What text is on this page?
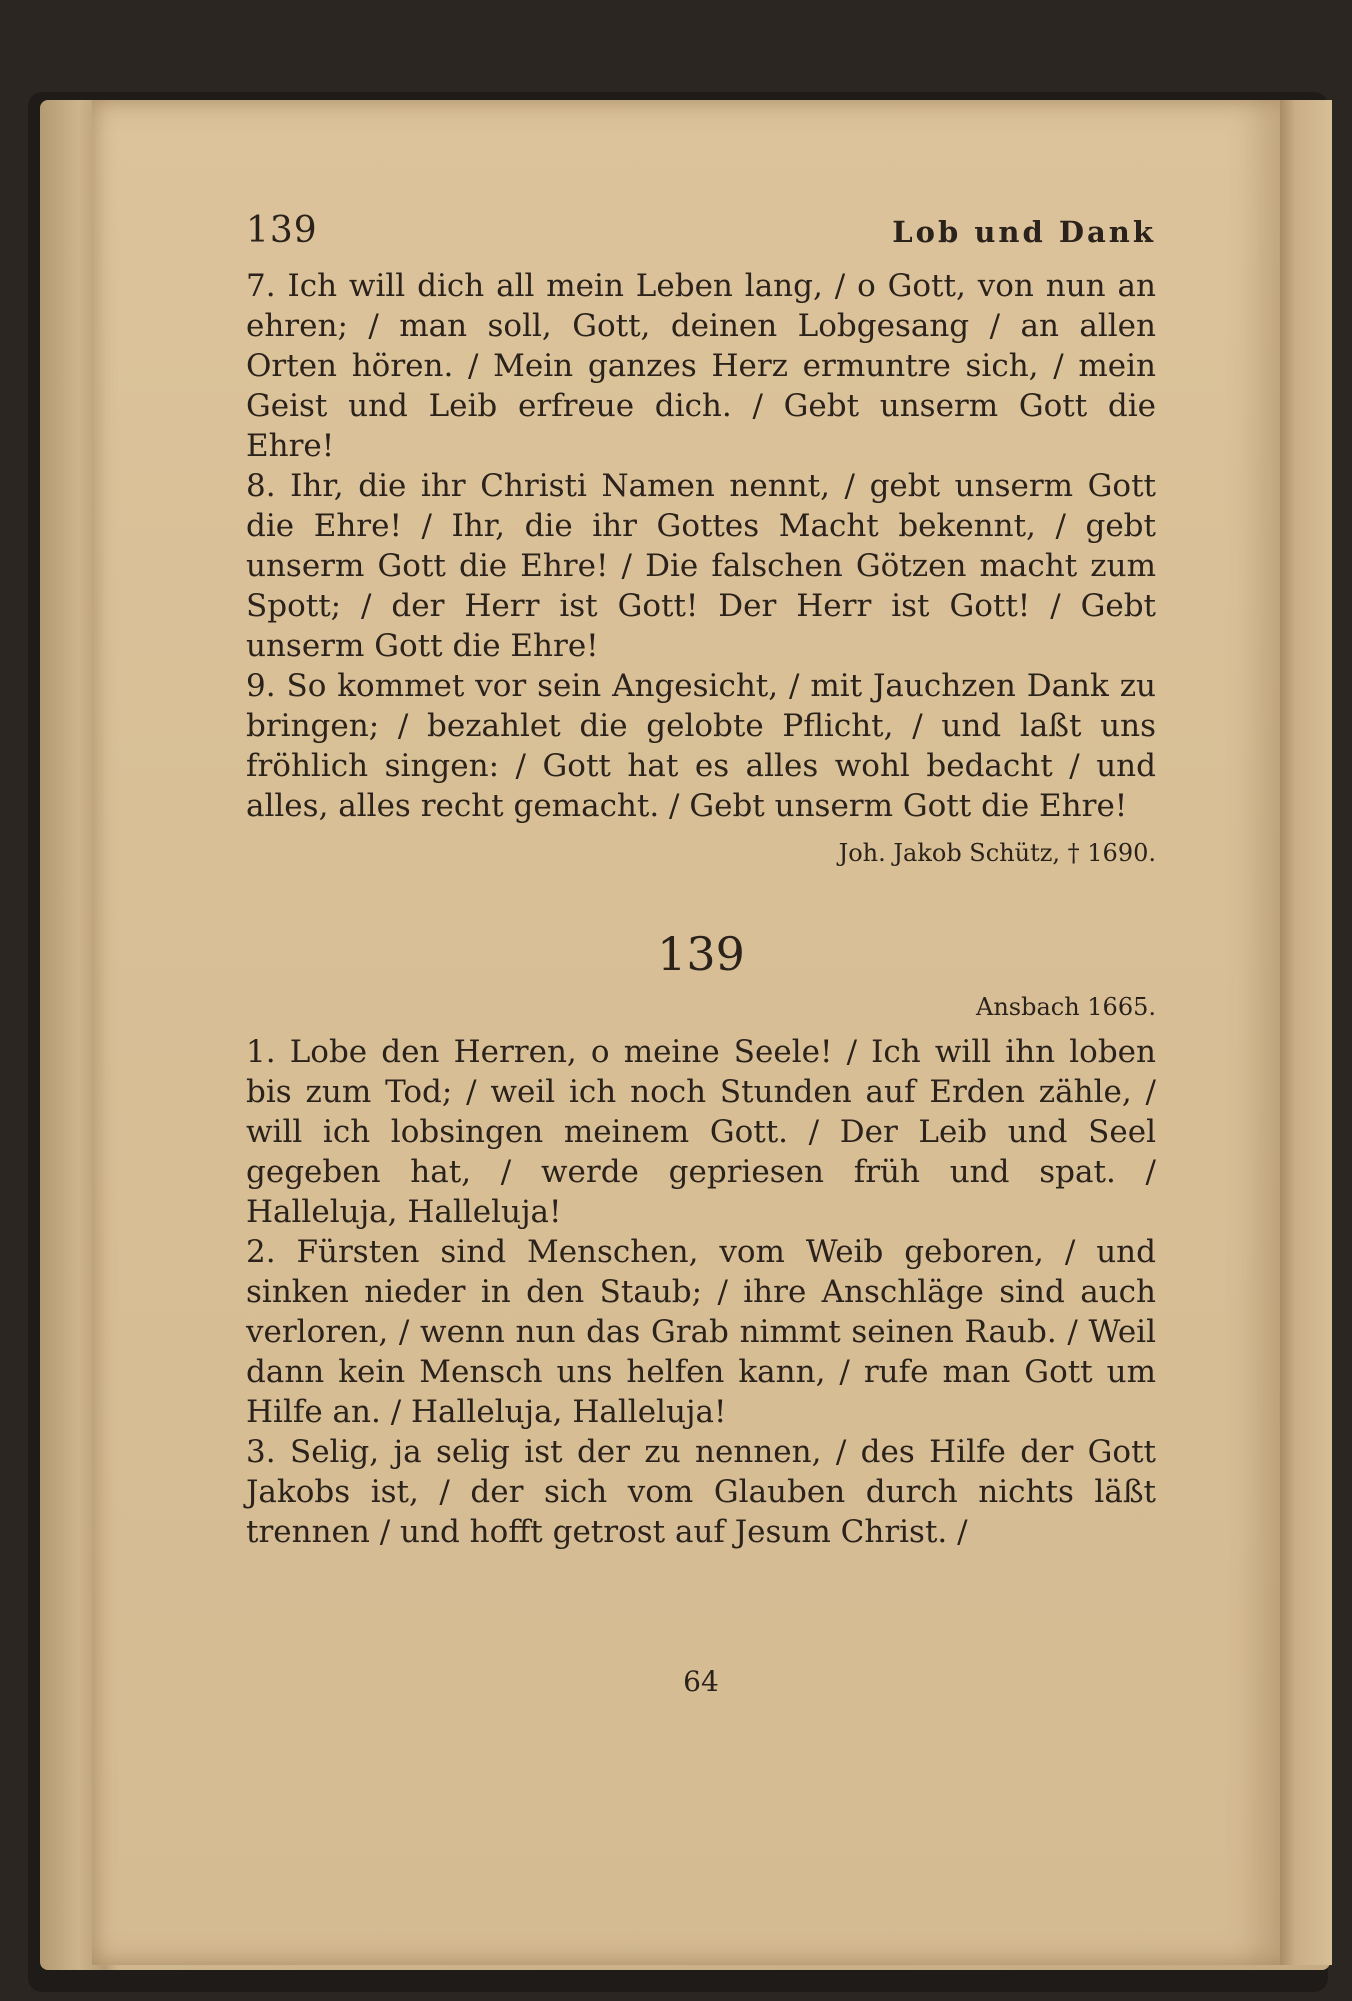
139	Lob und Dank

7. Ich will dich all mein Leben lang, / o Gott, von nun an ehren; / man soll, Gott, deinen Lobgesang / an allen Orten hören. / Mein ganzes Herz ermuntre sich, / mein Geist und Leib erfreue dich. / Gebt unserm Gott die Ehre!

8. Ihr, die ihr Christi Namen nennt, / gebt unserm Gott die Ehre! / Ihr, die ihr Gottes Macht bekennt, / gebt unserm Gott die Ehre! / Die falschen Götzen macht zum Spott; / der Herr ist Gott! Der Herr ist Gott! / Gebt unserm Gott die Ehre!

9. So kommet vor sein Angesicht, / mit Jauchzen Dank zu bringen; / bezahlet die gelobte Pflicht, / und laßt uns fröhlich singen: / Gott hat es alles wohl bedacht / und alles, alles recht gemacht. / Gebt unserm Gott die Ehre!

Joh. Jakob Schütz, † 1690.
139
Ansbach 1665.

1. Lobe den Herren, o meine Seele! / Ich will ihn loben bis zum Tod; / weil ich noch Stunden auf Erden zähle, / will ich lobsingen meinem Gott. / Der Leib und Seel gegeben hat, / werde gepriesen früh und spat. / Halleluja, Halleluja!

2. Fürsten sind Menschen, vom Weib geboren, / und sinken nieder in den Staub; / ihre Anschläge sind auch verloren, / wenn nun das Grab nimmt seinen Raub. / Weil dann kein Mensch uns helfen kann, / rufe man Gott um Hilfe an. / Halleluja, Halleluja!

3. Selig, ja selig ist der zu nennen, / des Hilfe der Gott Jakobs ist, / der sich vom Glauben durch nichts läßt trennen / und hofft getrost auf Jesum Christ. /

64
